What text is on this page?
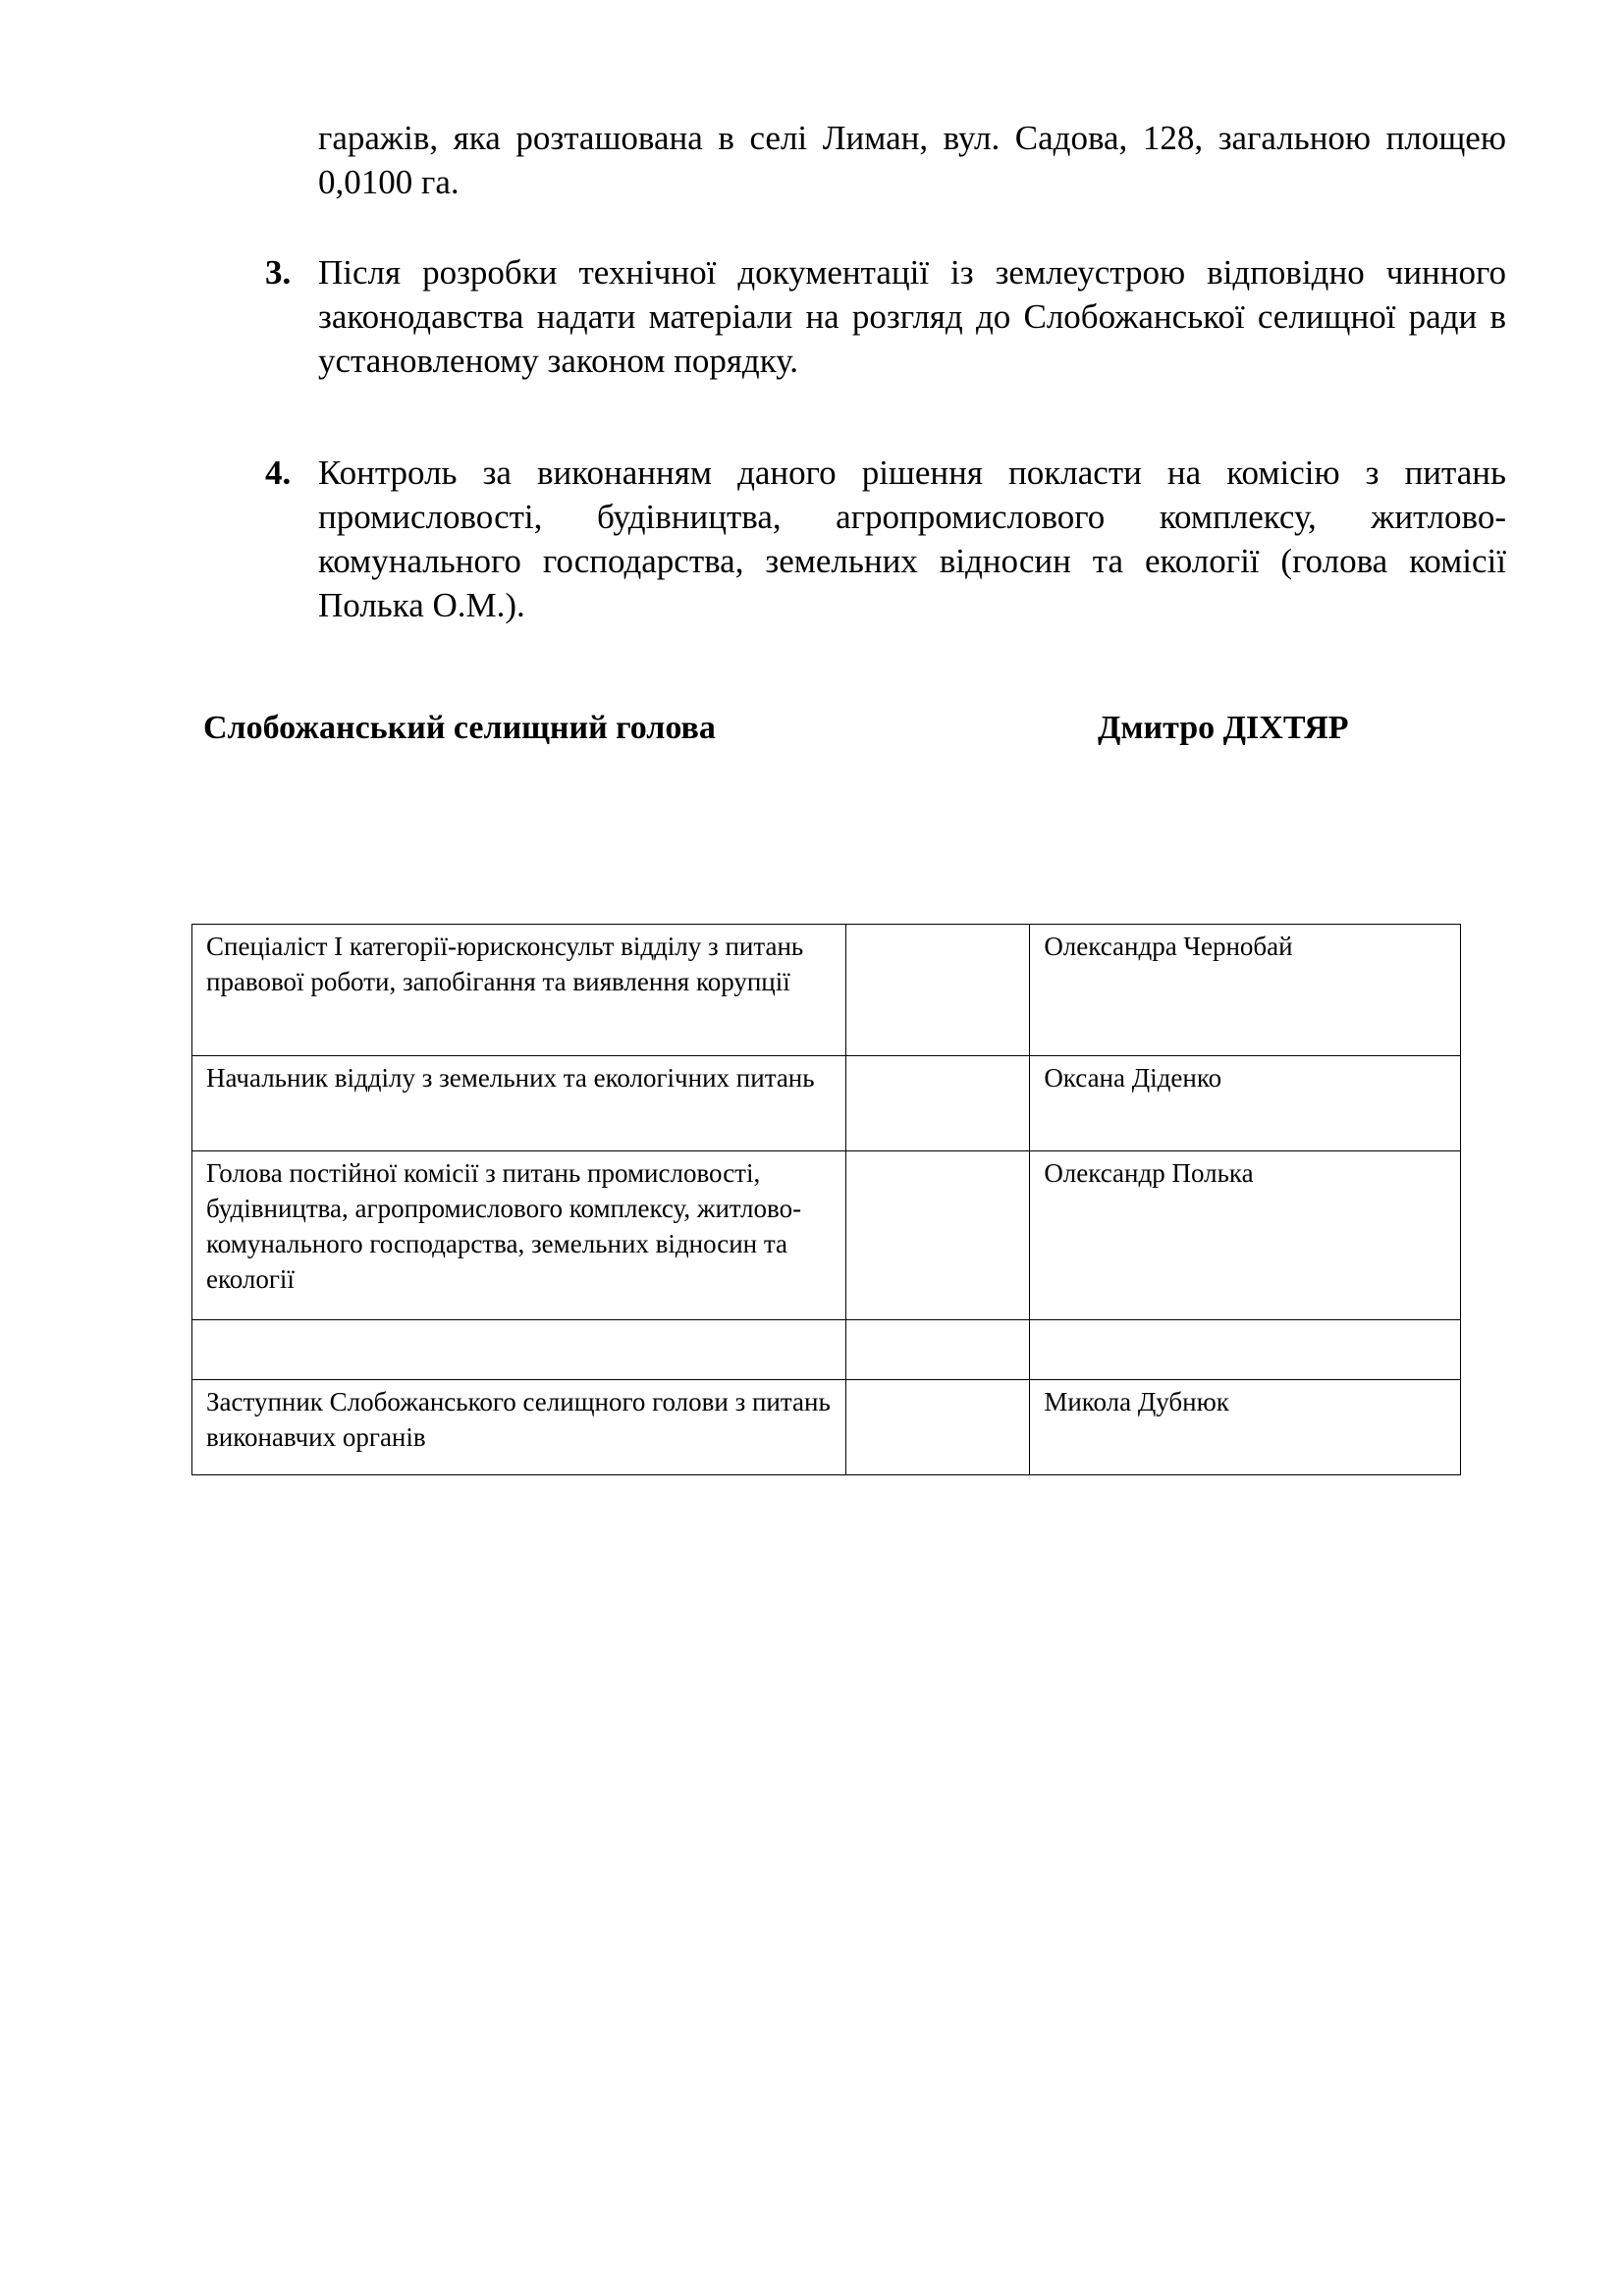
гаражів, яка розташована в селі Лиман, вул. Садова, 128, загальною площею 0,0100 га.
3. Після розробки технічної документації із землеустрою відповідно чинного законодавства надати матеріали на розгляд до Слобожанської селищної ради в установленому законом порядку.
4. Контроль за виконанням даного рішення покласти на комісію з питань промисловості, будівництва, агропромислового комплексу, житлово-комунального господарства, земельних відносин та екології (голова комісії Полька О.М.).
Слобожанський селищний голова	Дмитро ДІХТЯР
Спеціаліст І категорії-юрисконсульт відділу з питань правової роботи, запобігання та виявлення корупції		Олександра Чернобай
Начальник відділу з земельних та екологічних питань		Оксана Діденко
Голова постійної комісії з питань промисловості, будівництва, агропромислового комплексу, житлово-комунального господарства, земельних відносин та екології		Олександр Полька

Заступник Слобожанського селищного голови з питань виконавчих органів		Микола Дубнюк
